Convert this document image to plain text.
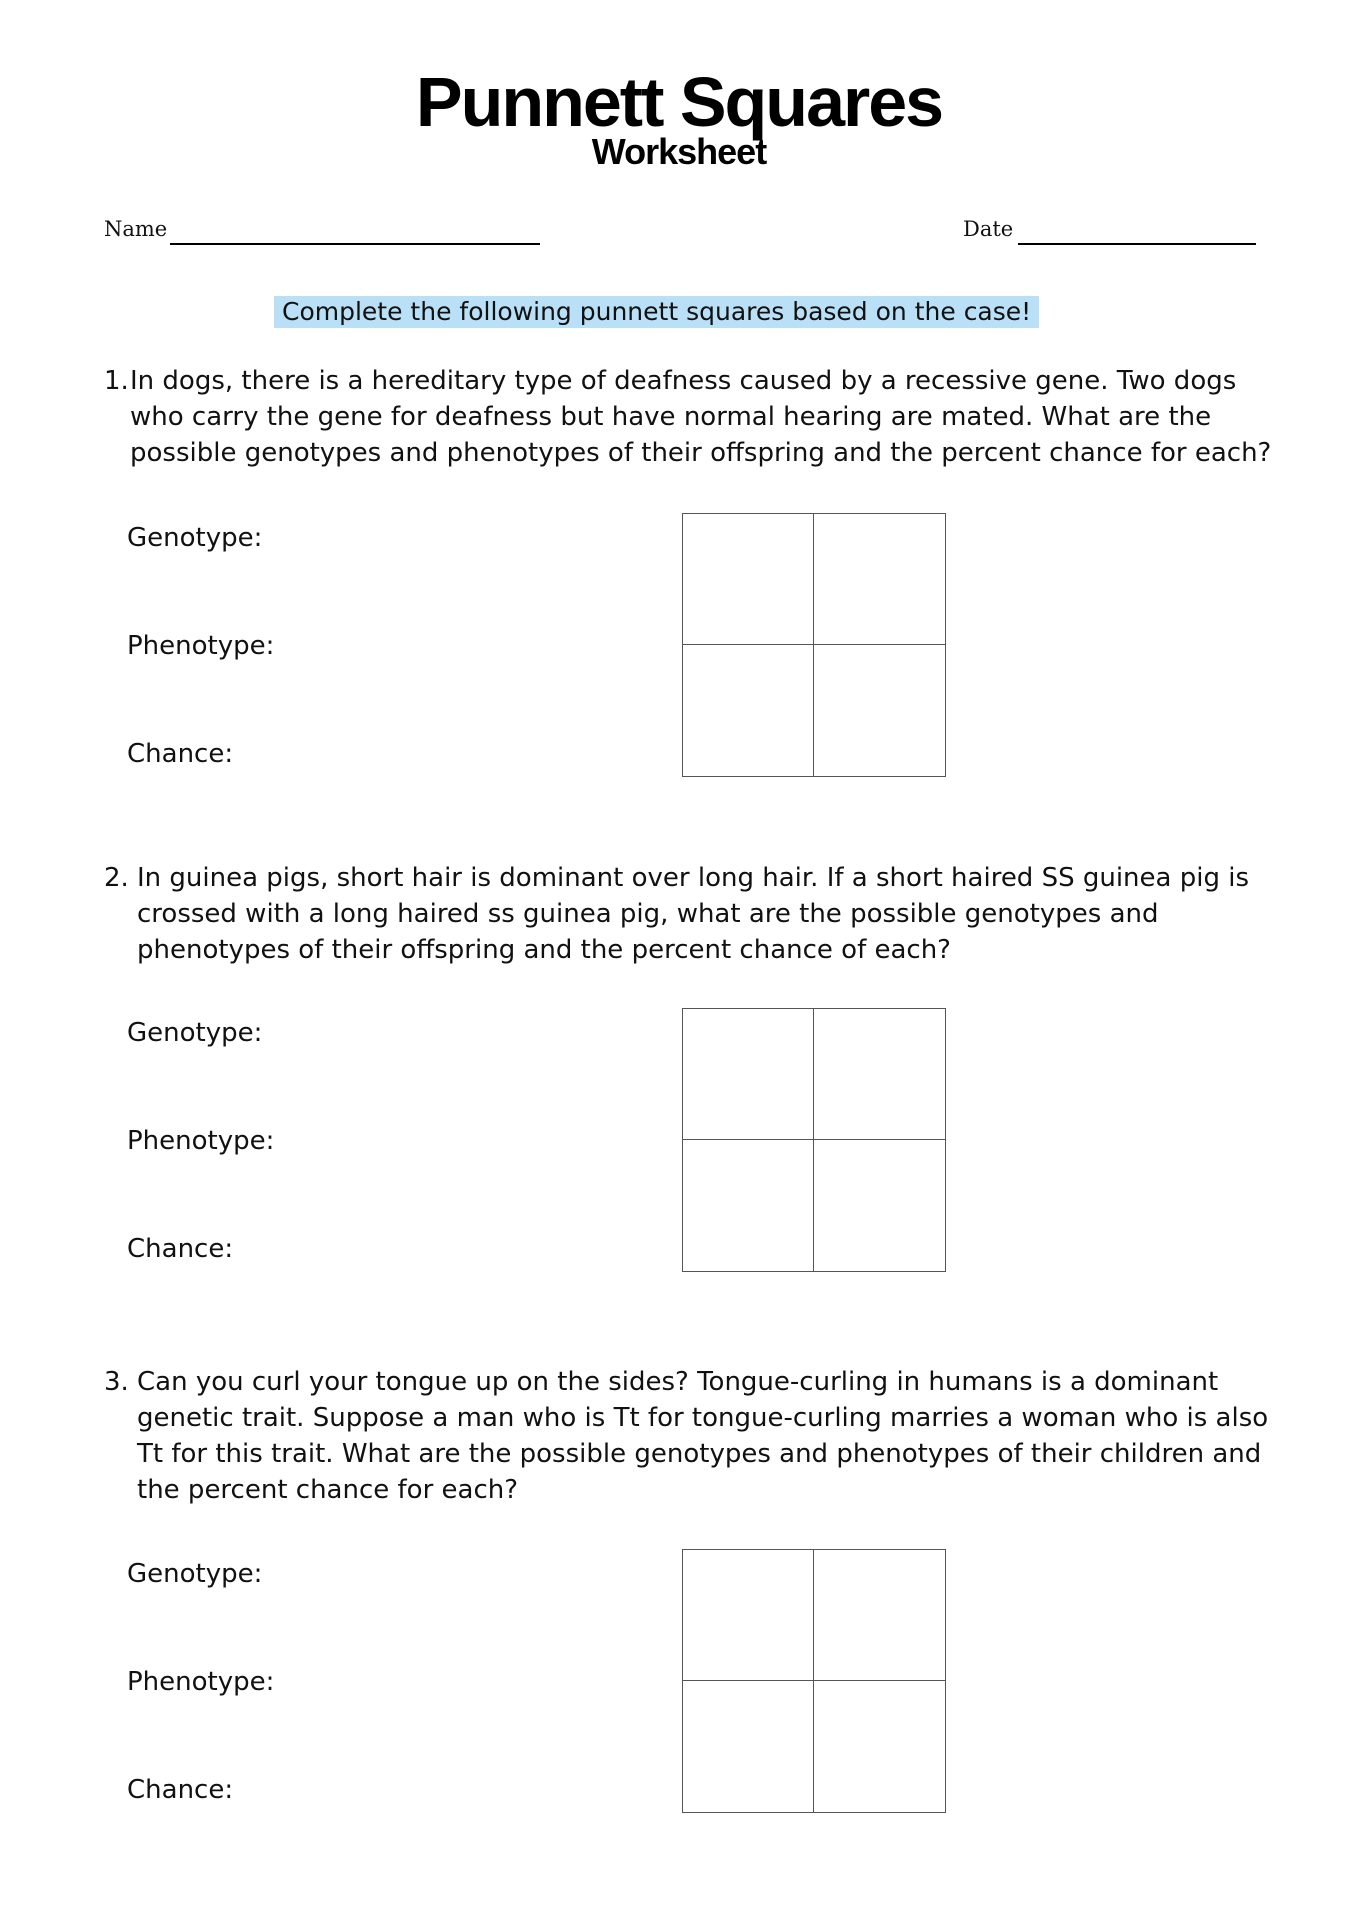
Punnett Squares
Worksheet
Name	Date
Complete the following punnett squares based on the case!
1. In dogs, there is a hereditary type of deafness caused by a recessive gene. Two dogs who carry the gene for deafness but have normal hearing are mated. What are the possible genotypes and phenotypes of their offspring and the percent chance for each?
Genotype:
Phenotype:
Chance:
2. In guinea pigs, short hair is dominant over long hair. If a short haired SS guinea pig is crossed with a long haired ss guinea pig, what are the possible genotypes and phenotypes of their offspring and the percent chance of each?
Genotype:
Phenotype:
Chance:
3. Can you curl your tongue up on the sides? Tongue-curling in humans is a dominant genetic trait. Suppose a man who is Tt for tongue-curling marries a woman who is also Tt for this trait. What are the possible genotypes and phenotypes of their children and the percent chance for each?
Genotype:
Phenotype:
Chance:
